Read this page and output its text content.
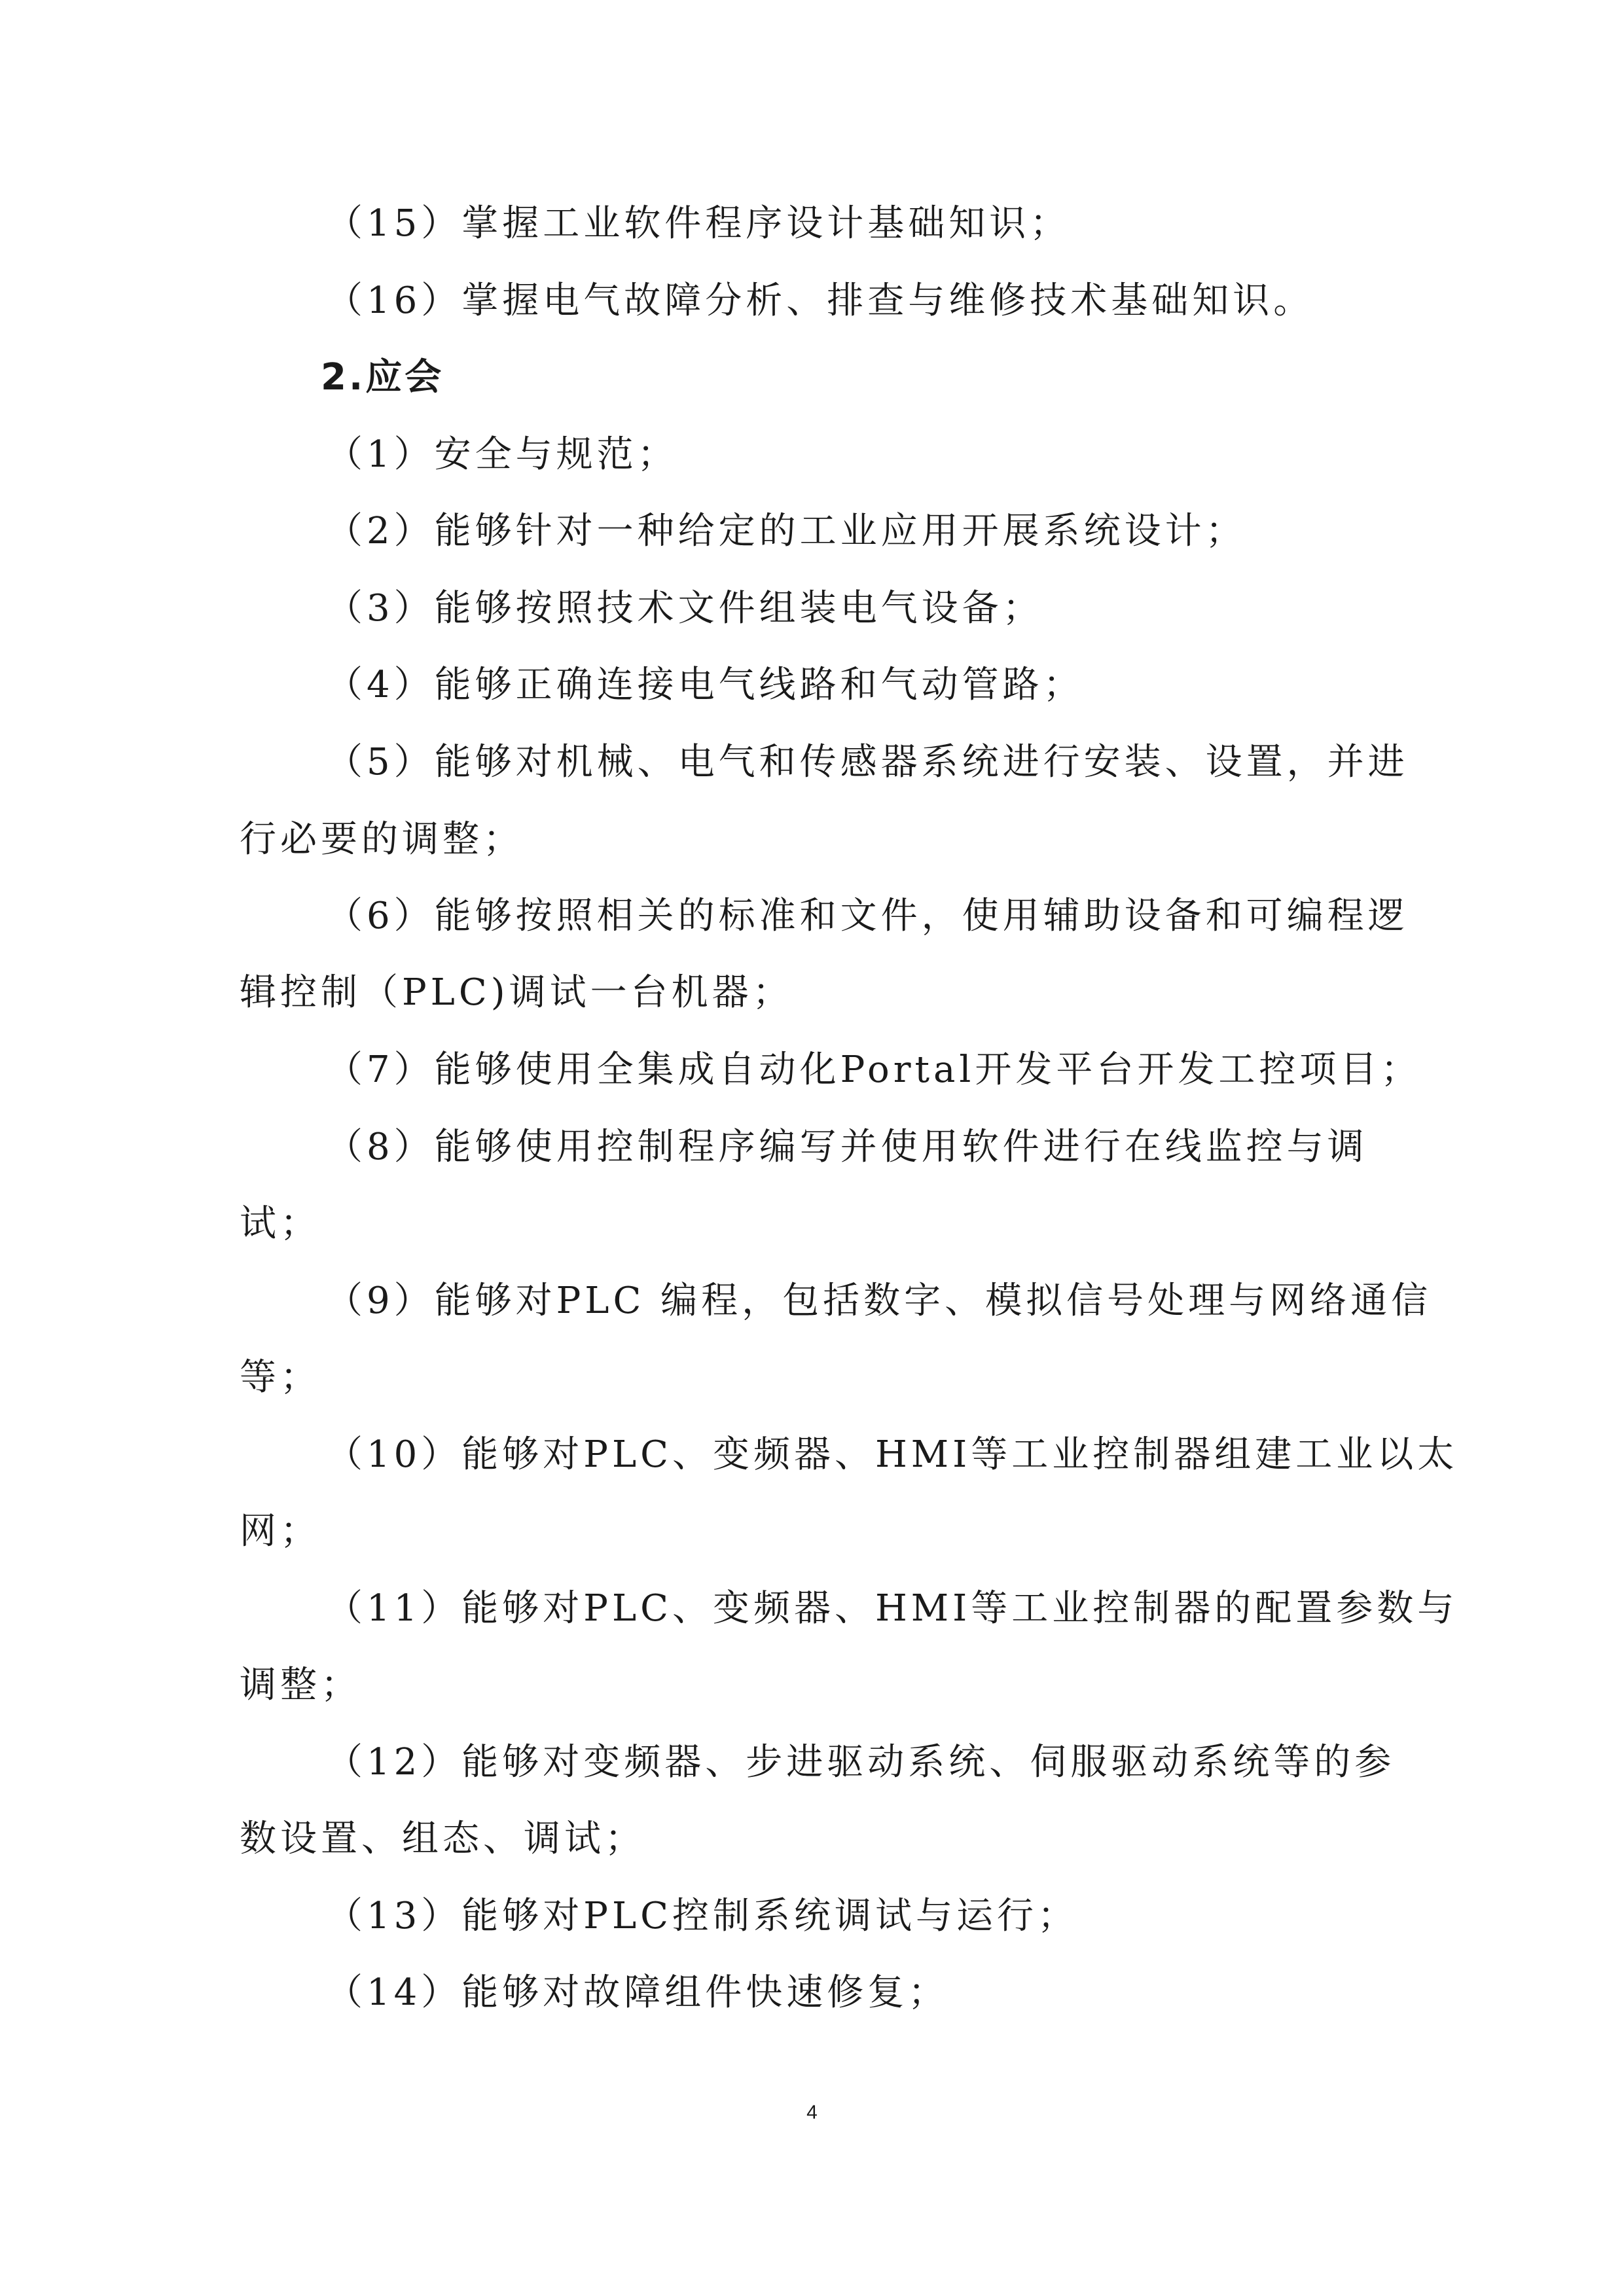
（15）掌握工业软件程序设计基础知识；
（16）掌握电气故障分析、排查与维修技术基础知识。
2.应会
（1）安全与规范；
（2）能够针对一种给定的工业应用开展系统设计；
（3）能够按照技术文件组装电气设备；
（4）能够正确连接电气线路和气动管路；
（5）能够对机械、电气和传感器系统进行安装、设置，并进
行必要的调整；
（6）能够按照相关的标准和文件，使用辅助设备和可编程逻
辑控制（PLC)调试一台机器；
（7）能够使用全集成自动化Portal开发平台开发工控项目；
（8）能够使用控制程序编写并使用软件进行在线监控与调
试；
（9）能够对PLC 编程，包括数字、模拟信号处理与网络通信
等；
（10）能够对PLC、变频器、HMI等工业控制器组建工业以太
网；
（11）能够对PLC、变频器、HMI等工业控制器的配置参数与
调整；
（12）能够对变频器、步进驱动系统、伺服驱动系统等的参
数设置、组态、调试；
（13）能够对PLC控制系统调试与运行；
（14）能够对故障组件快速修复；
4
